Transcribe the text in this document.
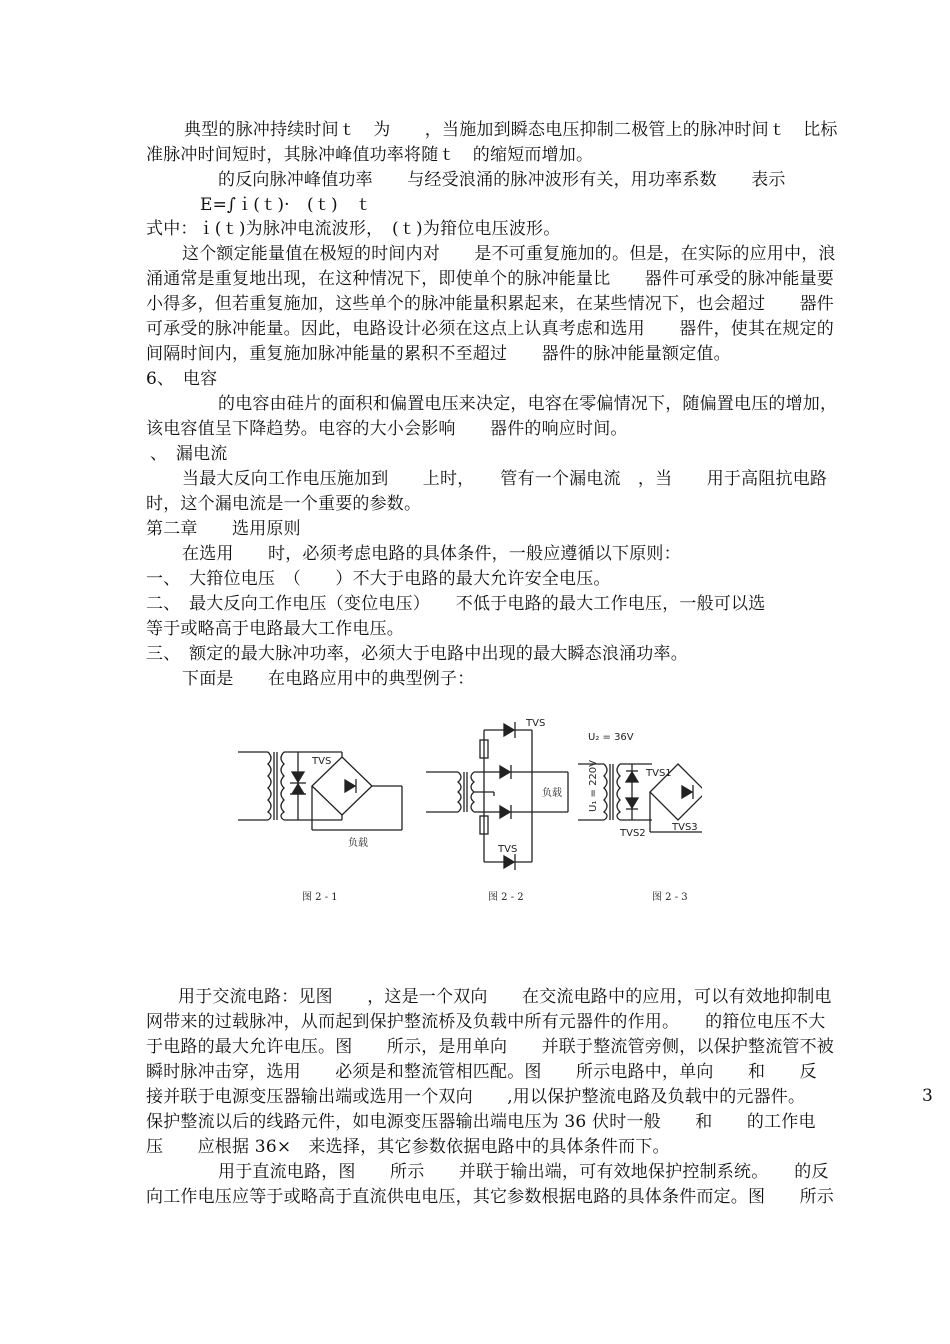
典型的脉冲持续时间ｔ　为　　，当施加到瞬态电压抑制二极管上的脉冲时间ｔ　比标
准脉冲时间短时，其脉冲峰值功率将随ｔ　的缩短而增加。
的反向脉冲峰值功率　　与经受浪涌的脉冲波形有关，用功率系数　　表示
E=∫ｉ(ｔ)·　(ｔ)　ｔ
式中：ｉ(ｔ)为脉冲电流波形，　(ｔ)为箝位电压波形。
这个额定能量值在极短的时间内对　　是不可重复施加的。但是，在实际的应用中，浪
涌通常是重复地出现，在这种情况下，即使单个的脉冲能量比　　器件可承受的脉冲能量要
小得多，但若重复施加，这些单个的脉冲能量积累起来，在某些情况下，也会超过　　器件
可承受的脉冲能量。因此，电路设计必须在这点上认真考虑和选用　　器件，使其在规定的
间隔时间内，重复施加脉冲能量的累积不至超过　　器件的脉冲能量额定值。
6、　电容
的电容由硅片的面积和偏置电压来决定，电容在零偏情况下，随偏置电压的增加，
该电容值呈下降趋势。电容的大小会影响　　器件的响应时间。
、　漏电流
当最大反向工作电压施加到　　上时，　　管有一个漏电流　，当　　用于高阻抗电路
时，这个漏电流是一个重要的参数。
第二章　　选用原则
在选用　　时，必须考虑电路的具体条件，一般应遵循以下原则：
一、　大箝位电压　（　　）不大于电路的最大允许安全电压。
二、　最大反向工作电压（变位电压）　　不低于电路的最大工作电压，一般可以选
等于或略高于电路最大工作电压。
三、　额定的最大脉冲功率，必须大于电路中出现的最大瞬态浪涌功率。
下面是　　在电路应用中的典型例子：
TVS
负载
图 2 - 1
TVS
TVS
负载
图 2 - 2
U₂ = 36V
U₁ = 220V	TVS1
TVS2
TVS3
图 2 - 3
用于交流电路：见图　　，这是一个双向　　在交流电路中的应用，可以有效地抑制电
网带来的过载脉冲，从而起到保护整流桥及负载中所有元器件的作用。　　的箝位电压不大
于电路的最大允许电压。图　　所示，是用单向　　并联于整流管旁侧，以保护整流管不被
瞬时脉冲击穿，选用　　必须是和整流管相匹配。图　　所示电路中，单向　　和　　反
接并联于电源变压器输出端或选用一个双向　　,用以保护整流电路及负载中的元器件。	3
保护整流以后的线路元件，如电源变压器输出端电压为 36 伏时一般　　和　　的工作电
压　　应根据 36×　来选择，其它参数依据电路中的具体条件而下。
用于直流电路，图　　所示　　并联于输出端，可有效地保护控制系统。　　的反
向工作电压应等于或略高于直流供电电压，其它参数根据电路的具体条件而定。图　　所示
